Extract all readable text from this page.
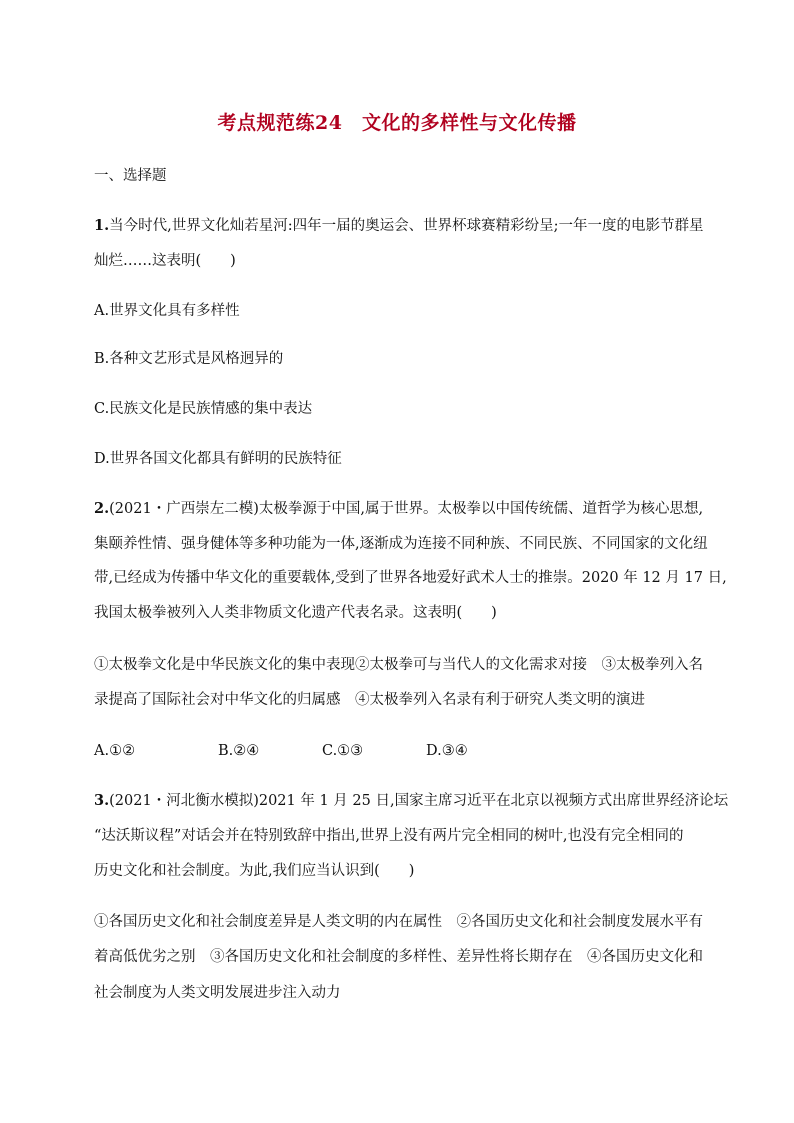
考点规范练24　文化的多样性与文化传播
一、选择题
1.当今时代,世界文化灿若星河:四年一届的奥运会、世界杯球赛精彩纷呈;一年一度的电影节群星
灿烂……这表明(　　)
A.世界文化具有多样性
B.各种文艺形式是风格迥异的
C.民族文化是民族情感的集中表达
D.世界各国文化都具有鲜明的民族特征
2.(2021・广西崇左二模)太极拳源于中国,属于世界。太极拳以中国传统儒、道哲学为核心思想,
集颐养性情、强身健体等多种功能为一体,逐渐成为连接不同种族、不同民族、不同国家的文化纽
带,已经成为传播中华文化的重要载体,受到了世界各地爱好武术人士的推崇。2020 年 12 月 17 日,
我国太极拳被列入人类非物质文化遗产代表名录。这表明(　　)
①太极拳文化是中华民族文化的集中表现②太极拳可与当代人的文化需求对接　③太极拳列入名
录提高了国际社会对中华文化的归属感　④太极拳列入名录有利于研究人类文明的演进
A.①②	B.②④	C.①③	D.③④
3.(2021・河北衡水模拟)2021 年 1 月 25 日,国家主席习近平在北京以视频方式出席世界经济论坛
“达沃斯议程”对话会并在特别致辞中指出,世界上没有两片完全相同的树叶,也没有完全相同的
历史文化和社会制度。为此,我们应当认识到(　　)
①各国历史文化和社会制度差异是人类文明的内在属性　②各国历史文化和社会制度发展水平有
着高低优劣之别　③各国历史文化和社会制度的多样性、差异性将长期存在　④各国历史文化和
社会制度为人类文明发展进步注入动力
